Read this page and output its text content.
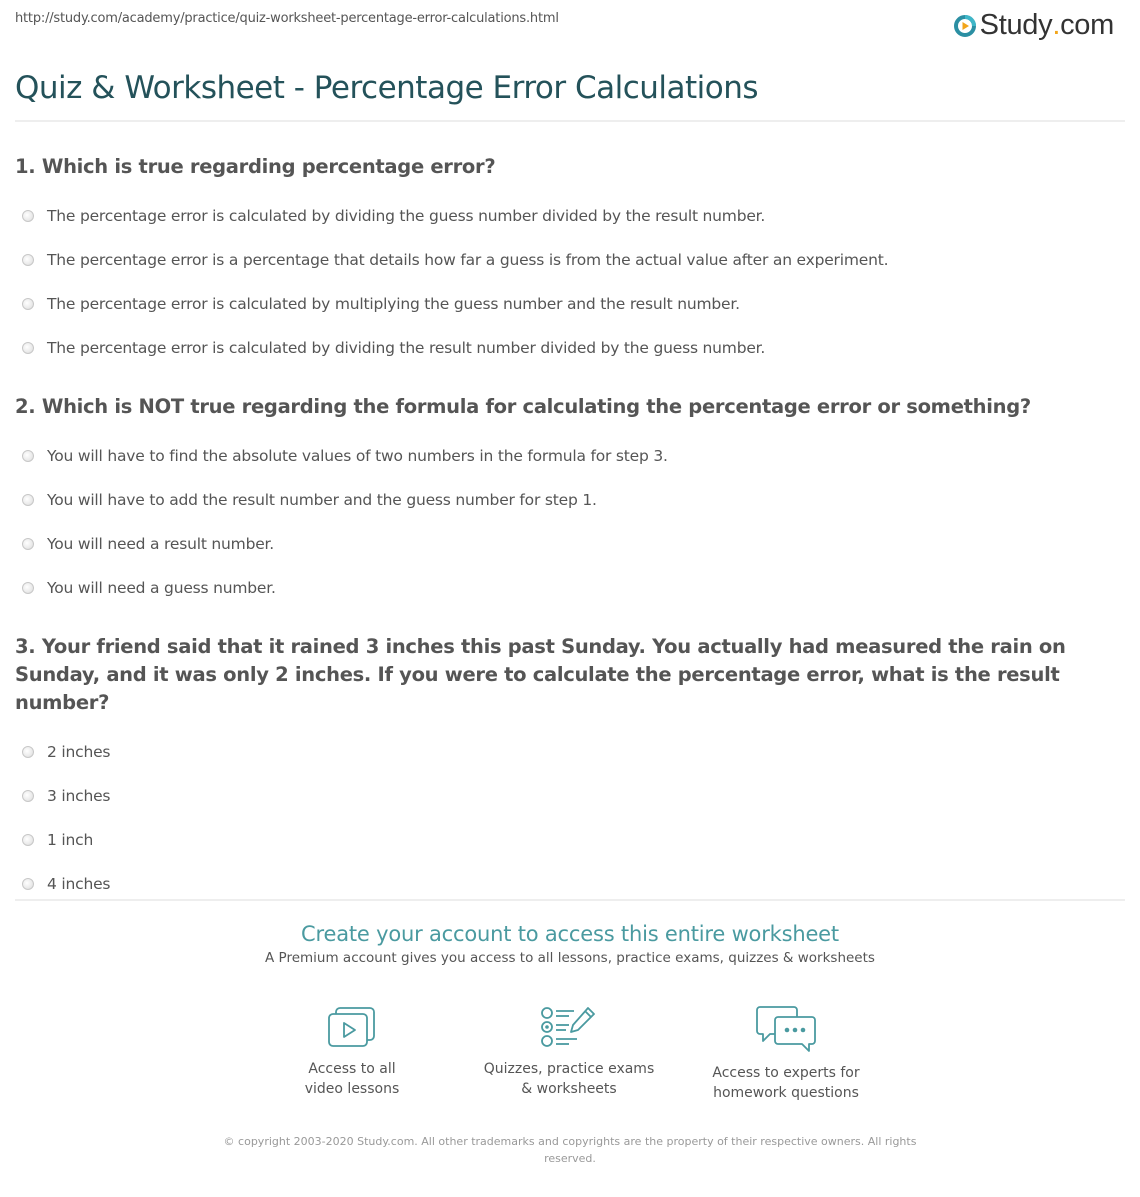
http://study.com/academy/practice/quiz-worksheet-percentage-error-calculations.html	Study . com
Quiz & Worksheet - Percentage Error Calculations
1. Which is true regarding percentage error?
The percentage error is calculated by dividing the guess number divided by the result number.
The percentage error is a percentage that details how far a guess is from the actual value after an experiment.
The percentage error is calculated by multiplying the guess number and the result number.
The percentage error is calculated by dividing the result number divided by the guess number.
2. Which is NOT true regarding the formula for calculating the percentage error or something?
You will have to find the absolute values of two numbers in the formula for step 3.
You will have to add the result number and the guess number for step 1.
You will need a result number.
You will need a guess number.
3. Your friend said that it rained 3 inches this past Sunday. You actually had measured the rain on Sunday, and it was only 2 inches. If you were to calculate the percentage error, what is the result number?
2 inches
3 inches
1 inch
4 inches
Create your account to access this entire worksheet
A Premium account gives you access to all lessons, practice exams, quizzes & worksheets
Access to all
video lessons
Quizzes, practice exams
& worksheets
Access to experts for
homework questions
© copyright 2003-2020 Study.com. All other trademarks and copyrights are the property of their respective owners. All rights reserved.
